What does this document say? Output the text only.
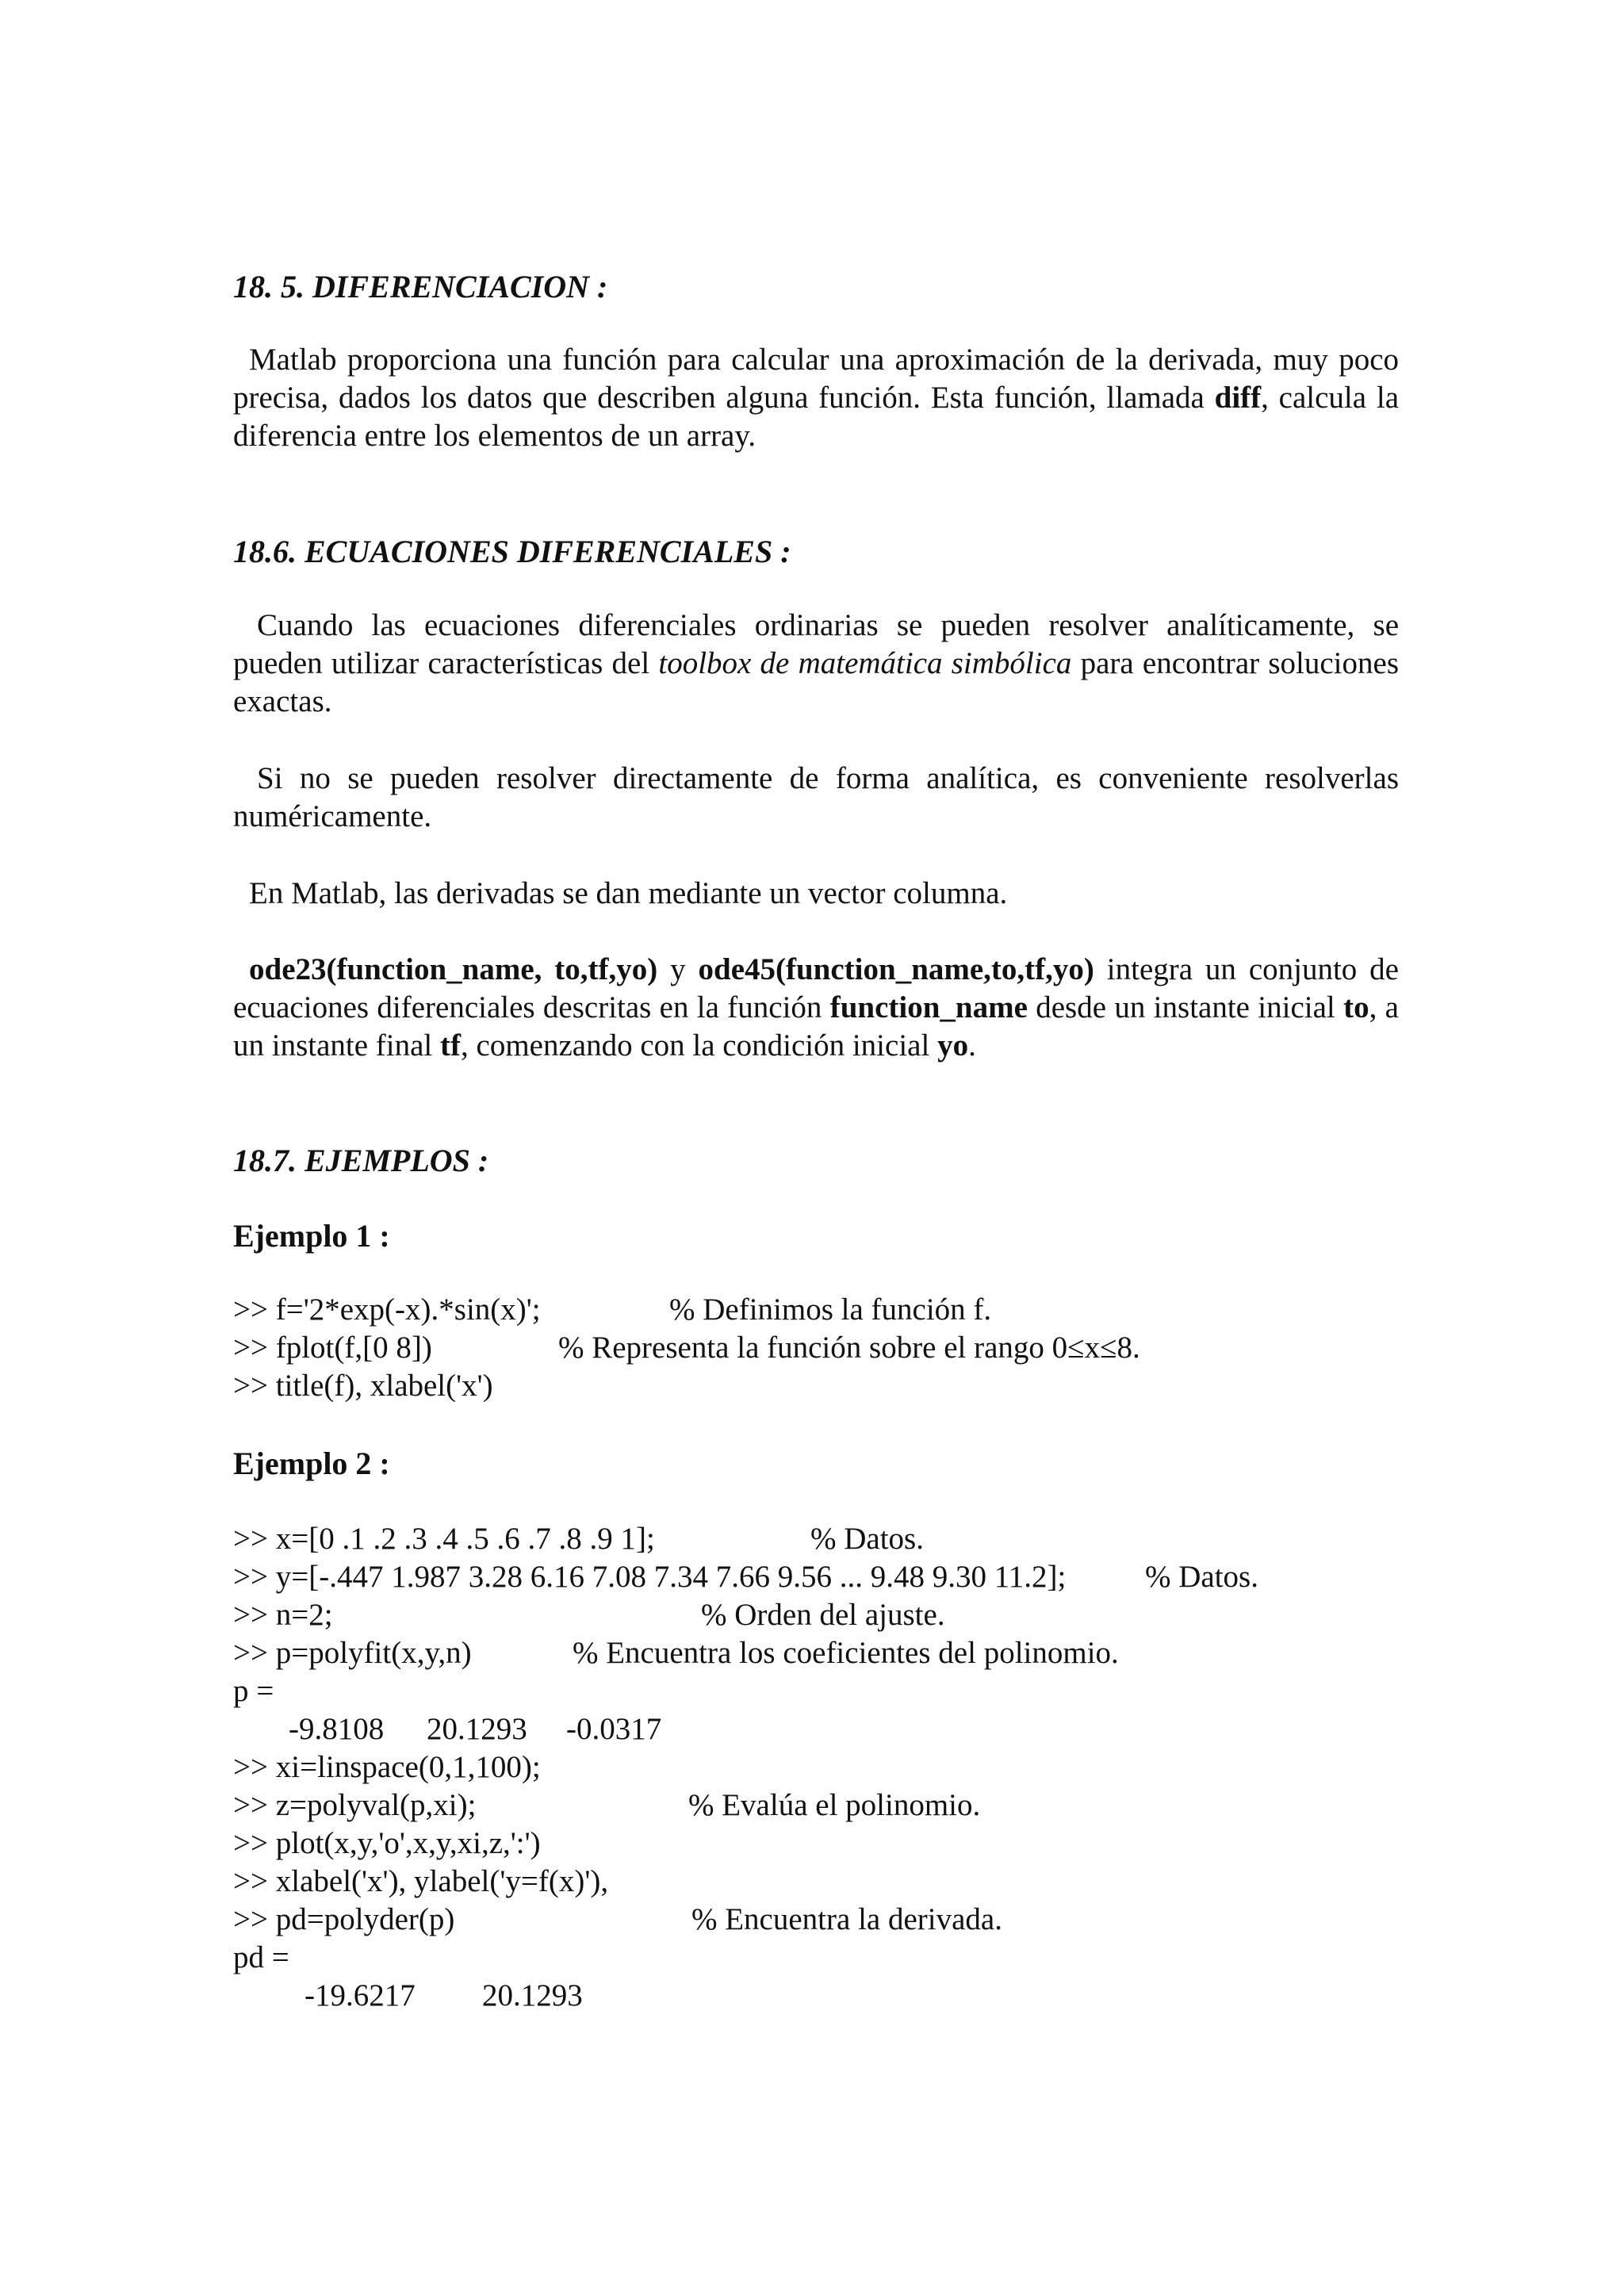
18. 5. DIFERENCIACION :

Matlab proporciona una función para calcular una aproximación de la derivada, muy poco precisa, dados los datos que describen alguna función. Esta función, llamada diff, calcula la diferencia entre los elementos de un array.

18.6. ECUACIONES DIFERENCIALES :

Cuando las ecuaciones diferenciales ordinarias se pueden resolver analíticamente, se pueden utilizar características del toolbox de matemática simbólica para encontrar soluciones exactas.

Si no se pueden resolver directamente de forma analítica, es conveniente resolverlas numéricamente.

En Matlab, las derivadas se dan mediante un vector columna.

ode23(function_name, to,tf,yo) y ode45(function_name,to,tf,yo) integra un conjunto de ecuaciones diferenciales descritas en la función function_name desde un instante inicial to, a un instante final tf, comenzando con la condición inicial yo.

18.7. EJEMPLOS :
Ejemplo 1 :
>> f='2*exp(-x).*sin(x)';	% Definimos la función f.
>> fplot(f,[0 8])	% Representa la función sobre el rango 0≤x≤8.
>> title(f), xlabel('x')
Ejemplo 2 :
>> x=[0 .1 .2 .3 .4 .5 .6 .7 .8 .9 1];	% Datos.
>> y=[-.447 1.987 3.28 6.16 7.08 7.34 7.66 9.56 ... 9.48 9.30 11.2];	% Datos.
>> n=2;	% Orden del ajuste.
>> p=polyfit(x,y,n)	% Encuentra los coeficientes del polinomio.
p =
-9.8108 20.1293 -0.0317
>> xi=linspace(0,1,100);
>> z=polyval(p,xi);	% Evalúa el polinomio.
>> plot(x,y,'o',x,y,xi,z,':')
>> xlabel('x'), ylabel('y=f(x)'),
>> pd=polyder(p)	% Encuentra la derivada.
pd =
-19.6217 20.1293
